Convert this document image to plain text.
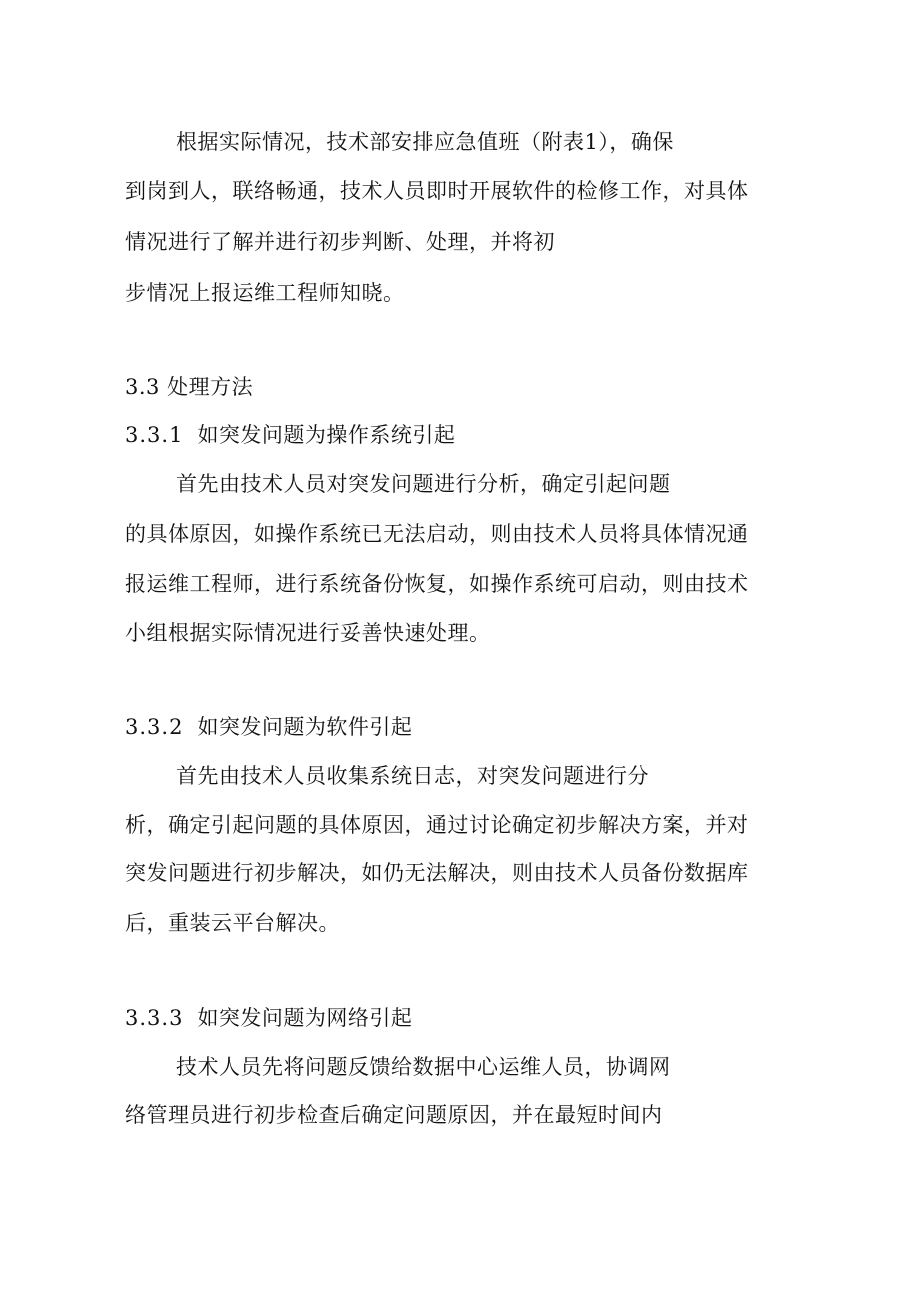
根据实际情况，技术部安排应急值班（附表1），确保
到岗到人，联络畅通，技术人员即时开展软件的检修工作，对具体
情况进行了解并进行初步判断、处理，并将初
步情况上报运维工程师知晓。
3.3 处理方法
3.3.1 如突发问题为操作系统引起
首先由技术人员对突发问题进行分析，确定引起问题
的具体原因，如操作系统已无法启动，则由技术人员将具体情况通
报运维工程师，进行系统备份恢复，如操作系统可启动，则由技术
小组根据实际情况进行妥善快速处理。
3.3.2 如突发问题为软件引起
首先由技术人员收集系统日志，对突发问题进行分
析，确定引起问题的具体原因，通过讨论确定初步解决方案，并对
突发问题进行初步解决，如仍无法解决，则由技术人员备份数据库
后，重装云平台解决。
3.3.3 如突发问题为网络引起
技术人员先将问题反馈给数据中心运维人员，协调网
络管理员进行初步检查后确定问题原因，并在最短时间内
